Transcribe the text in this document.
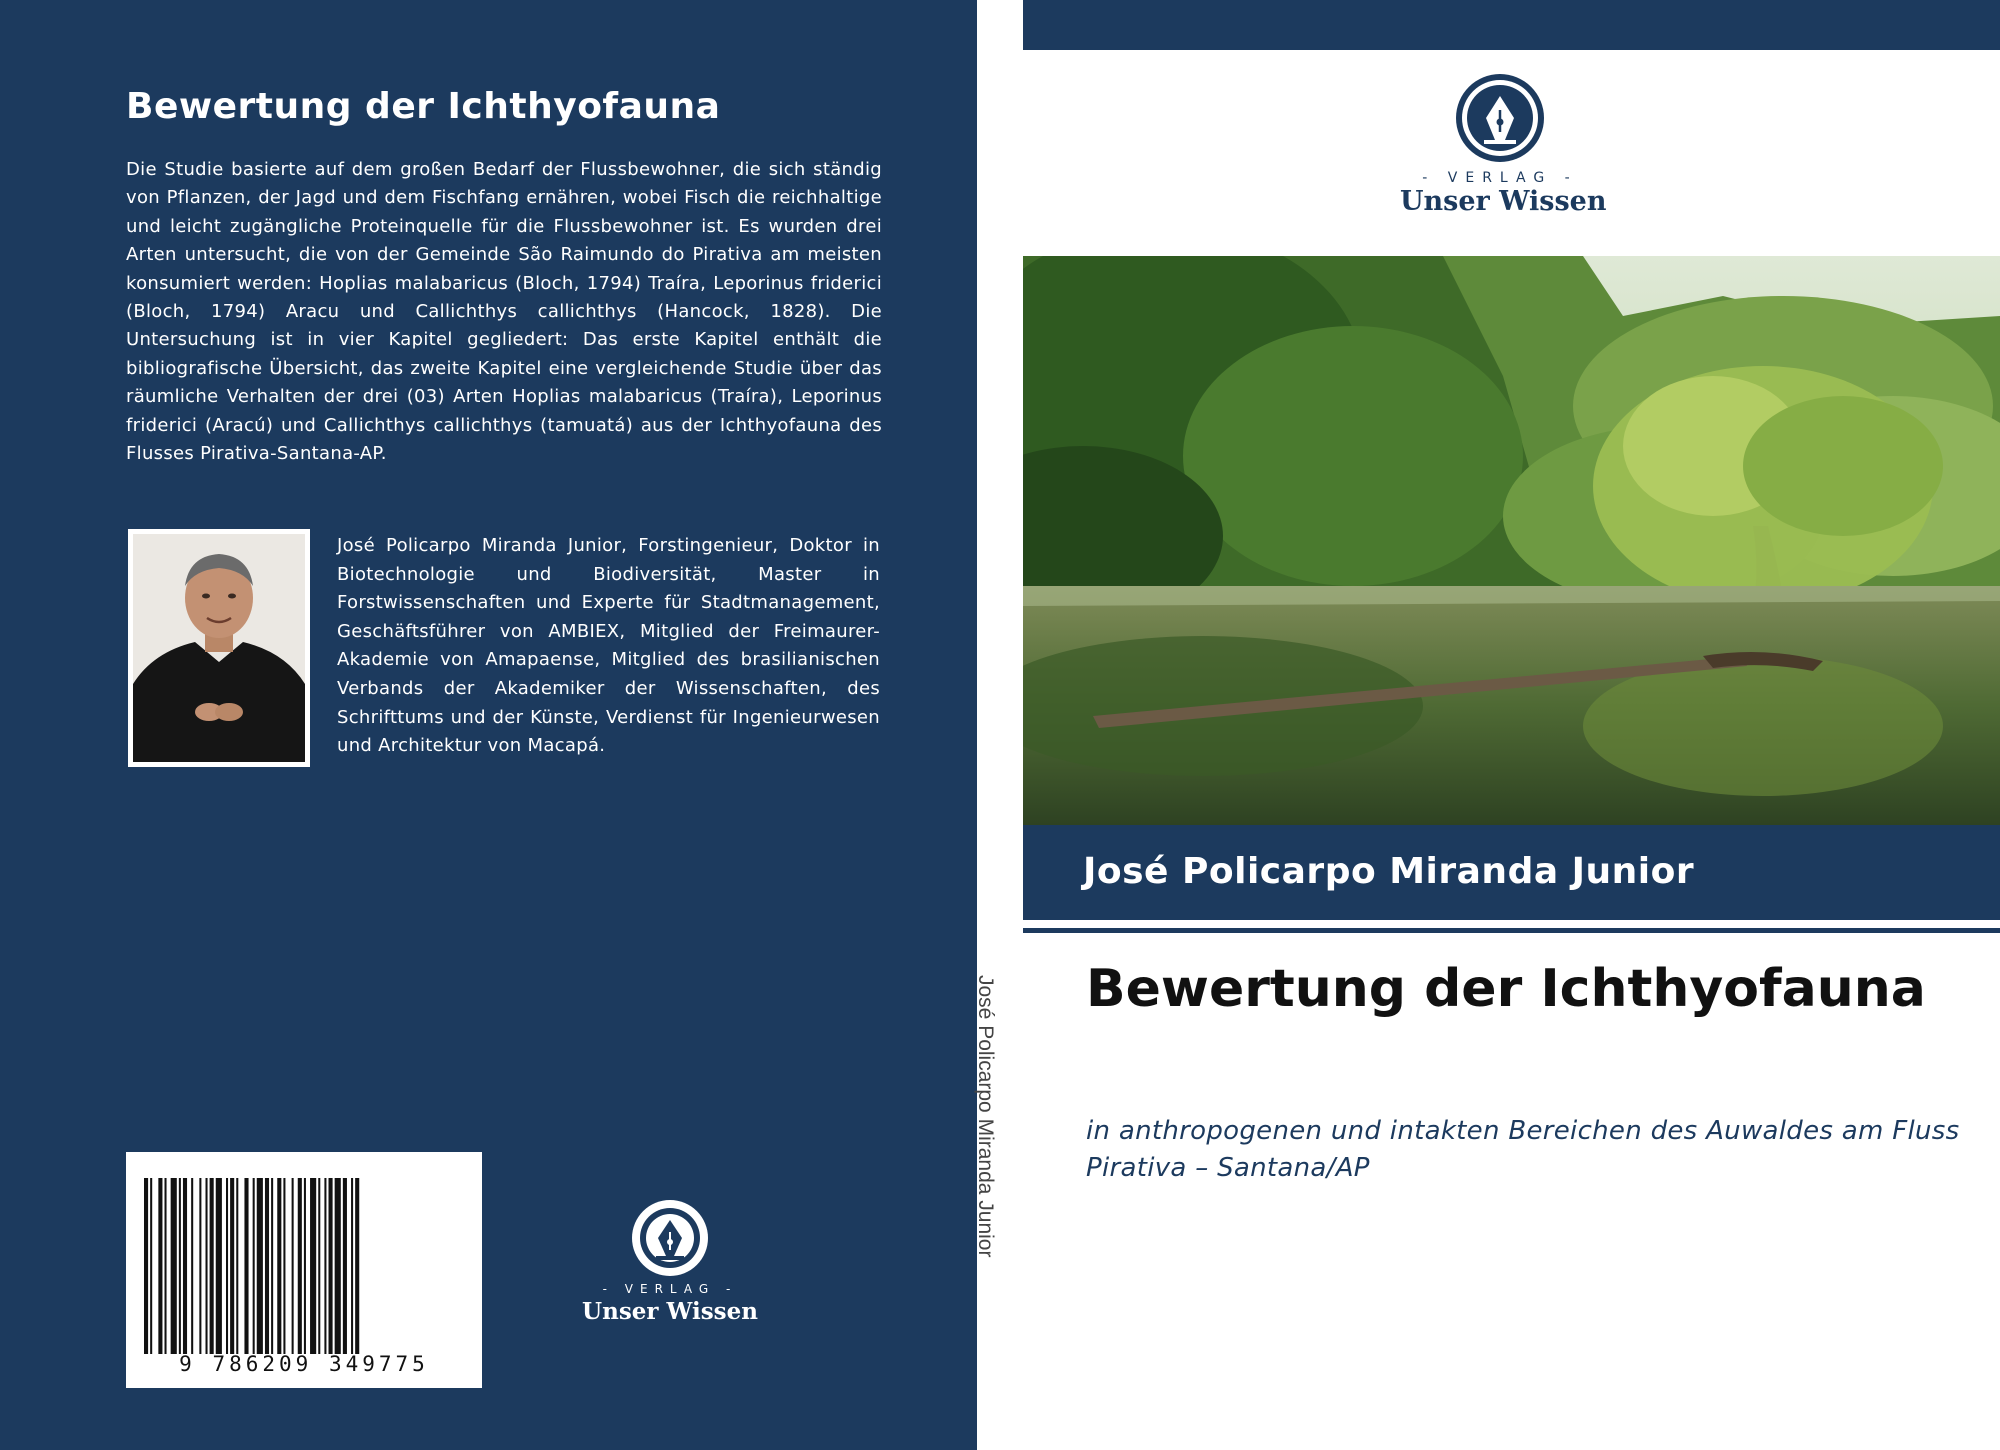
Bewertung der Ichthyofauna
Die Studie basierte auf dem großen Bedarf der Flussbewohner, die sich ständig von Pflanzen, der Jagd und dem Fischfang ernähren, wobei Fisch die reichhaltige und leicht zugängliche Proteinquelle für die Flussbewohner ist. Es wurden drei Arten untersucht, die von der Gemeinde São Raimundo do Pirativa am meisten konsumiert werden: Hoplias malabaricus (Bloch, 1794) Traíra, Leporinus friderici (Bloch, 1794) Aracu und Callichthys callichthys (Hancock, 1828). Die Untersuchung ist in vier Kapitel gegliedert: Das erste Kapitel enthält die bibliografische Übersicht, das zweite Kapitel eine vergleichende Studie über das räumliche Verhalten der drei (03) Arten Hoplias malabaricus (Traíra), Leporinus friderici (Aracú) und Callichthys callichthys (tamuatá) aus der Ichthyofauna des Flusses Pirativa-Santana-AP.
José Policarpo Miranda Junior, Forstingenieur, Doktor in Biotechnologie und Biodiversität, Master in Forstwissenschaften und Experte für Stadtmanagement, Geschäftsführer von AMBIEX, Mitglied der Freimaurer-Akademie von Amapaense, Mitglied des brasilianischen Verbands der Akademiker der Wissenschaften, des Schrifttums und der Künste, Verdienst für Ingenieurwesen und Architektur von Macapá.
9 786209 349775
- VERLAG -
Unser Wissen
José Policarpo Miranda Junior
- VERLAG -
Unser Wissen
José Policarpo Miranda Junior
Bewertung der Ichthyofauna
in anthropogenen und intakten Bereichen des Auwaldes am Fluss Pirativa – Santana/AP
